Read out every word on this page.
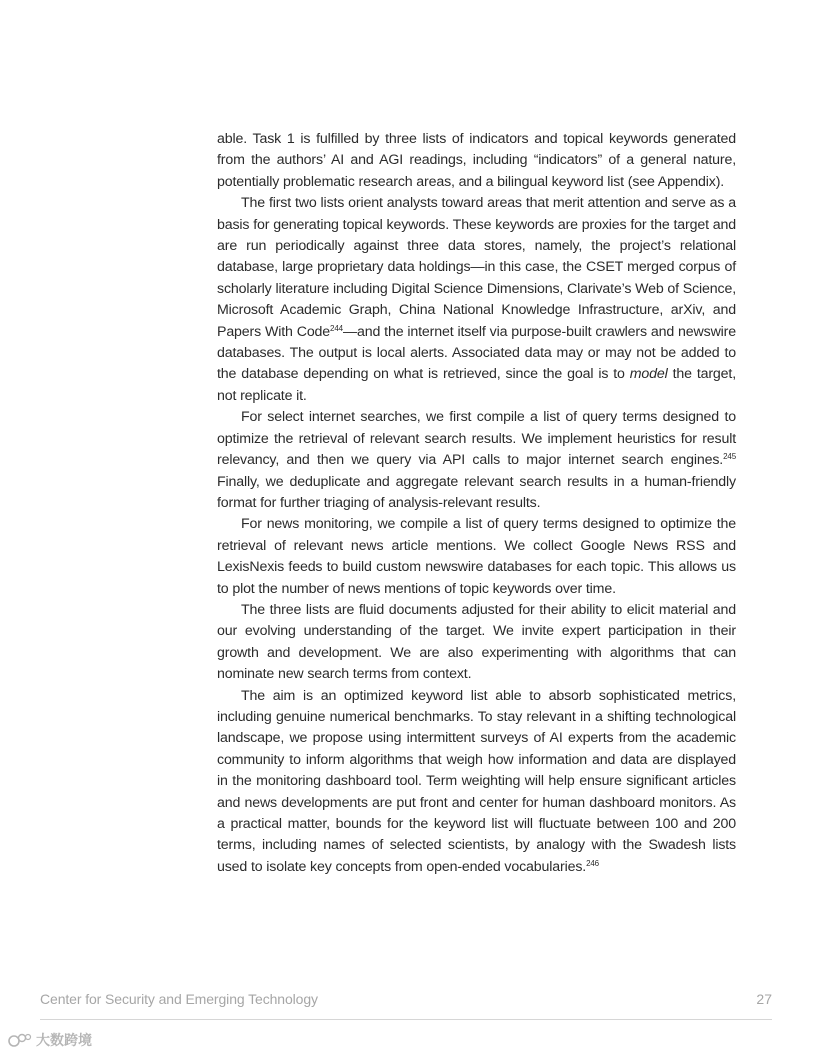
able. Task 1 is fulfilled by three lists of indicators and topical keywords generated from the authors’ AI and AGI readings, including “indicators” of a general nature, potentially problematic research areas, and a bilingual keyword list (see Appendix).

The first two lists orient analysts toward areas that merit attention and serve as a basis for generating topical keywords. These keywords are proxies for the target and are run periodically against three data stores, namely, the project’s relational database, large proprietary data holdings—in this case, the CSET merged corpus of scholarly literature including Digital Science Dimensions, Clarivate’s Web of Science, Microsoft Academic Graph, China National Knowledge Infrastructure, arXiv, and Papers With Code$^{244}$—and the internet itself via purpose-built crawlers and newswire databases. The output is local alerts. Associated data may or may not be added to the database depending on what is retrieved, since the goal is to model the target, not replicate it.

For select internet searches, we first compile a list of query terms designed to optimize the retrieval of relevant search results. We implement heuristics for result relevancy, and then we query via API calls to major internet search engines.$^{245}$ Finally, we deduplicate and aggregate relevant search results in a human-friendly format for further triaging of analysis-relevant results.

For news monitoring, we compile a list of query terms designed to optimize the retrieval of relevant news article mentions. We collect Google News RSS and LexisNexis feeds to build custom newswire databases for each topic. This allows us to plot the number of news mentions of topic keywords over time.

The three lists are fluid documents adjusted for their ability to elicit material and our evolving understanding of the target. We invite expert participation in their growth and development. We are also experimenting with algorithms that can nominate new search terms from context.

The aim is an optimized keyword list able to absorb sophisticated metrics, including genuine numerical benchmarks. To stay relevant in a shifting technological landscape, we propose using intermittent surveys of AI experts from the academic community to inform algorithms that weigh how information and data are displayed in the monitoring dashboard tool. Term weighting will help ensure significant articles and news developments are put front and center for human dashboard monitors. As a practical matter, bounds for the keyword list will fluctuate between 100 and 200 terms, including names of selected scientists, by analogy with the Swadesh lists used to isolate key concepts from open-ended vocabularies.$^{246}$

Center for Security and Emerging Technology	27
大数跨境
